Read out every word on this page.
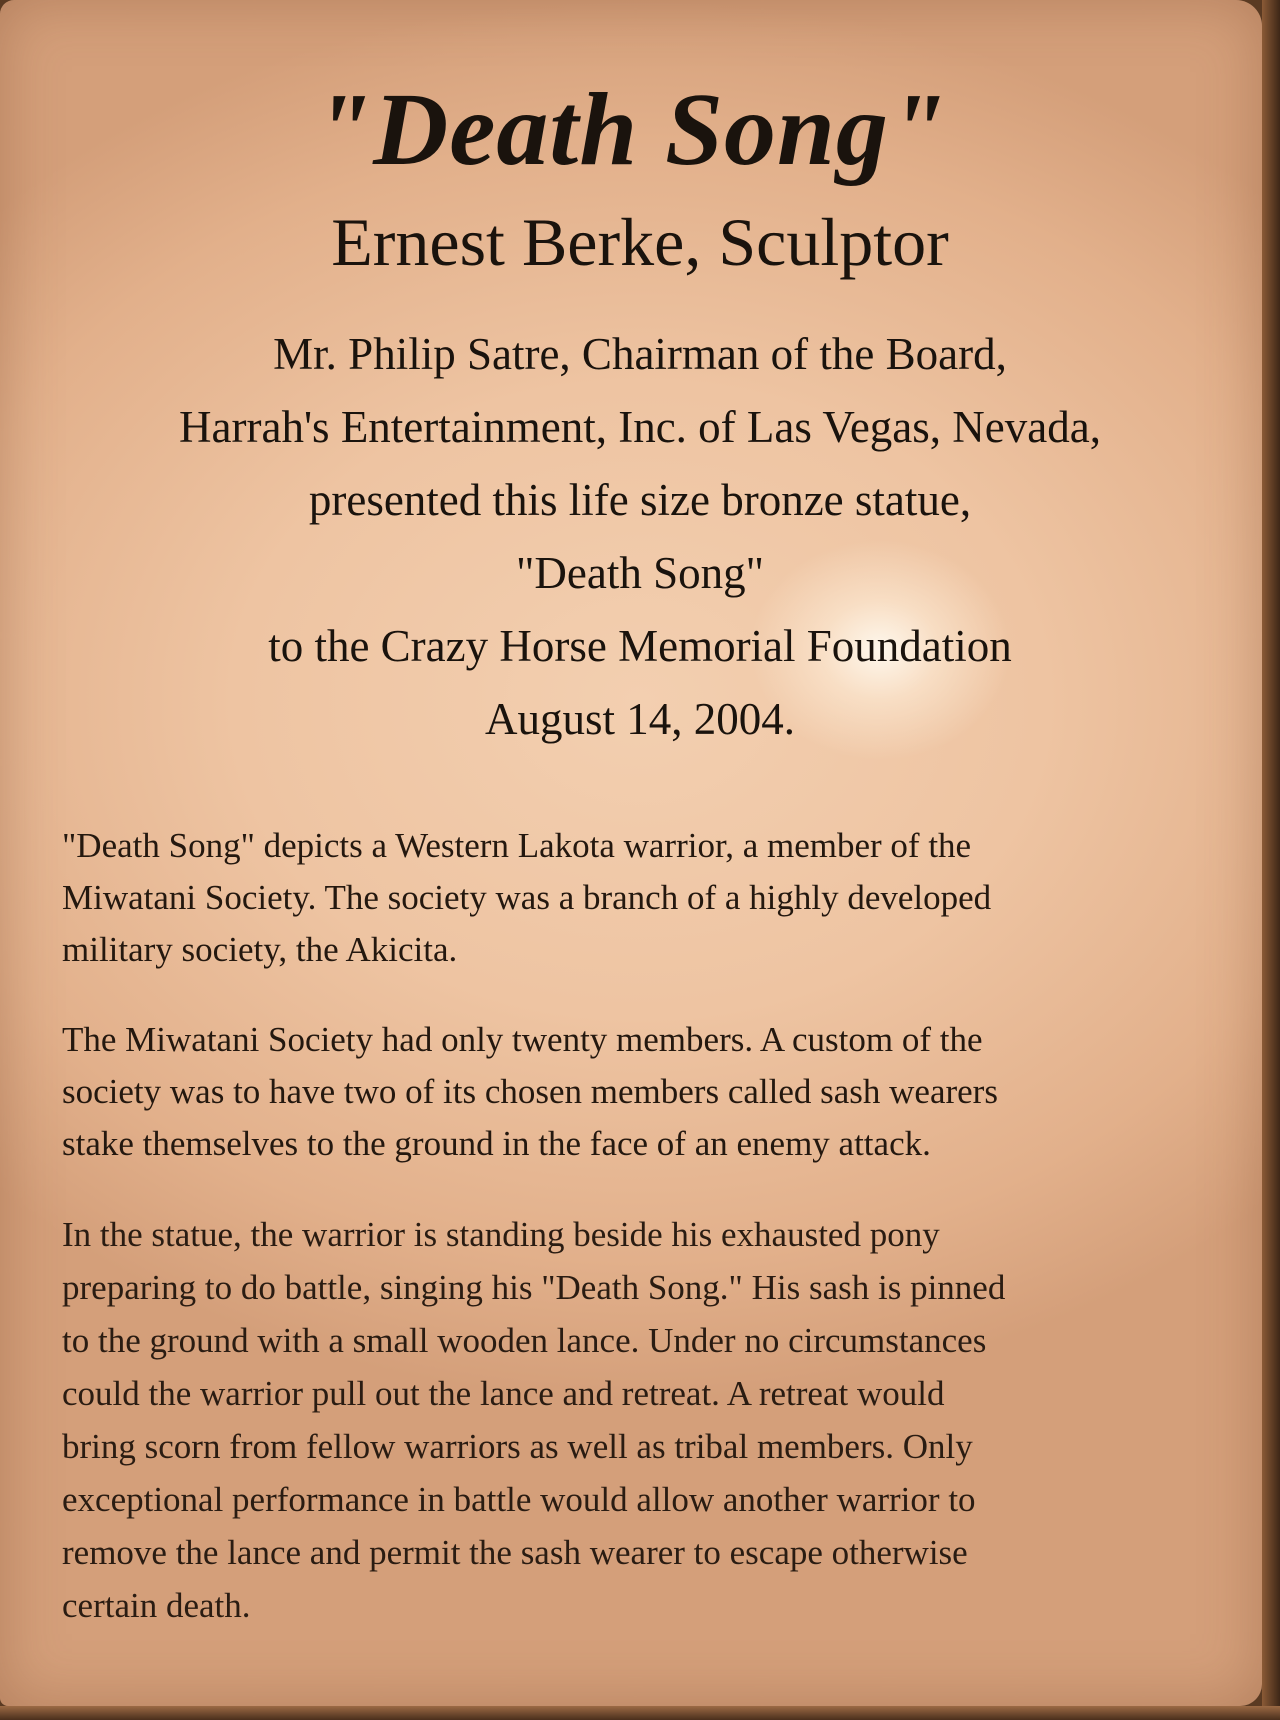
"Death Song"
Ernest Berke, Sculptor
Mr. Philip Satre, Chairman of the Board,
Harrah's Entertainment, Inc. of Las Vegas, Nevada,
presented this life size bronze statue,
"Death Song"
to the Crazy Horse Memorial Foundation
August 14, 2004.
"Death Song" depicts a Western Lakota warrior, a member of the
Miwatani Society. The society was a branch of a highly developed
military society, the Akicita.
The Miwatani Society had only twenty members. A custom of the
society was to have two of its chosen members called sash wearers
stake themselves to the ground in the face of an enemy attack.
In the statue, the warrior is standing beside his exhausted pony
preparing to do battle, singing his "Death Song." His sash is pinned
to the ground with a small wooden lance. Under no circumstances
could the warrior pull out the lance and retreat. A retreat would
bring scorn from fellow warriors as well as tribal members. Only
exceptional performance in battle would allow another warrior to
remove the lance and permit the sash wearer to escape otherwise
certain death.
